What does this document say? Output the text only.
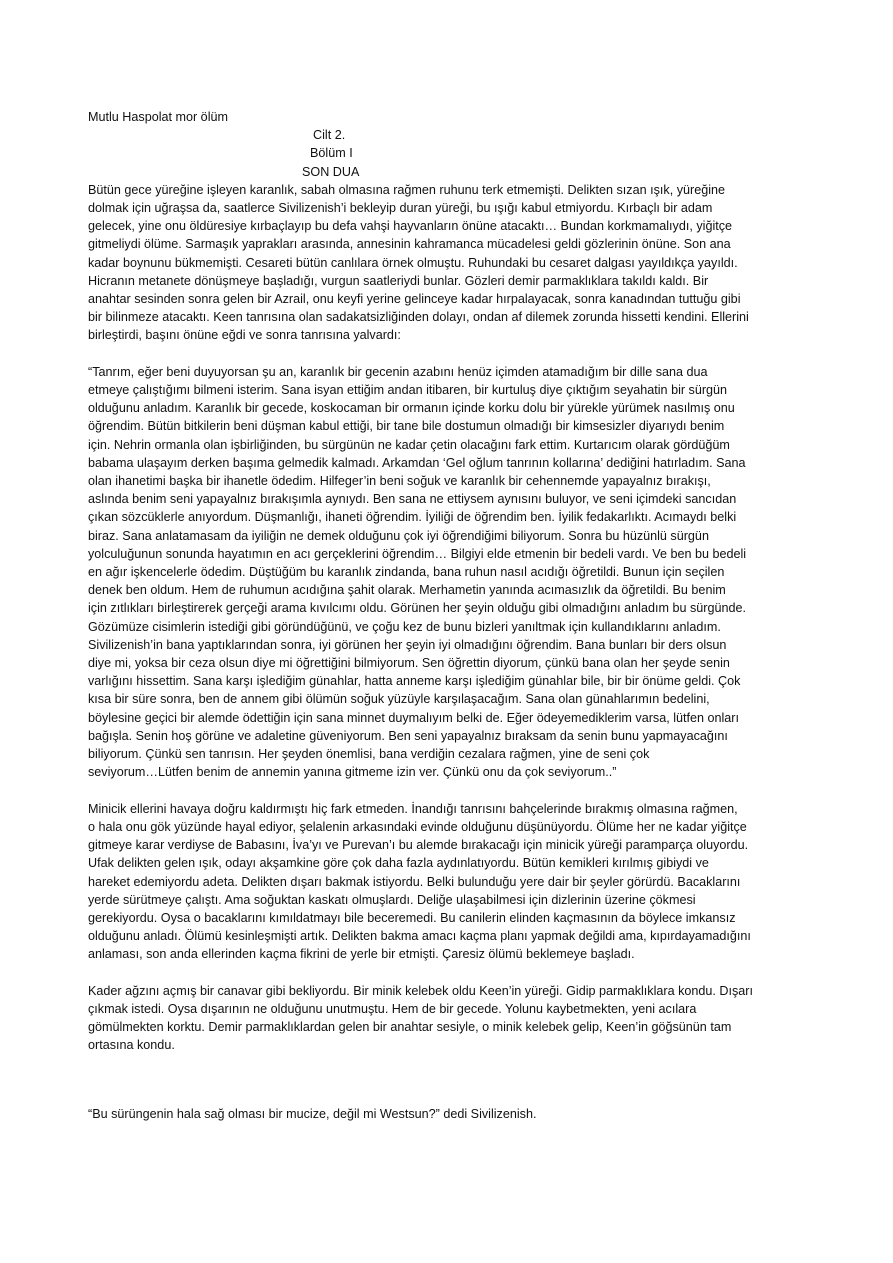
Mutlu Haspolat mor ölüm
Cilt 2.
Bölüm I
SON DUA
Bütün gece yüreğine işleyen karanlık, sabah olmasına rağmen ruhunu terk etmemişti. Delikten sızan ışık, yüreğine
dolmak için uğraşsa da, saatlerce Sivilizenish’i bekleyip duran yüreği, bu ışığı kabul etmiyordu. Kırbaçlı bir adam
gelecek, yine onu öldüresiye kırbaçlayıp bu defa vahşi hayvanların önüne atacaktı… Bundan korkmamalıydı, yiğitçe
gitmeliydi ölüme. Sarmaşık yaprakları arasında, annesinin kahramanca mücadelesi geldi gözlerinin önüne. Son ana
kadar boynunu bükmemişti. Cesareti bütün canlılara örnek olmuştu. Ruhundaki bu cesaret dalgası yayıldıkça yayıldı.
Hicranın metanete dönüşmeye başladığı, vurgun saatleriydi bunlar. Gözleri demir parmaklıklara takıldı kaldı. Bir
anahtar sesinden sonra gelen bir Azrail, onu keyfi yerine gelinceye kadar hırpalayacak, sonra kanadından tuttuğu gibi
bir bilinmeze atacaktı. Keen tanrısına olan sadakatsizliğinden dolayı, ondan af dilemek zorunda hissetti kendini. Ellerini
birleştirdi, başını önüne eğdi ve sonra tanrısına yalvardı:
“Tanrım, eğer beni duyuyorsan şu an, karanlık bir gecenin azabını henüz içimden atamadığım bir dille sana dua
etmeye çalıştığımı bilmeni isterim. Sana isyan ettiğim andan itibaren, bir kurtuluş diye çıktığım seyahatin bir sürgün
olduğunu anladım. Karanlık bir gecede, koskocaman bir ormanın içinde korku dolu bir yürekle yürümek nasılmış onu
öğrendim. Bütün bitkilerin beni düşman kabul ettiği, bir tane bile dostumun olmadığı bir kimsesizler diyarıydı benim
için. Nehrin ormanla olan işbirliğinden, bu sürgünün ne kadar çetin olacağını fark ettim. Kurtarıcım olarak gördüğüm
babama ulaşayım derken başıma gelmedik kalmadı. Arkamdan ‘Gel oğlum tanrının kollarına’ dediğini hatırladım. Sana
olan ihanetimi başka bir ihanetle ödedim. Hilfeger’in beni soğuk ve karanlık bir cehennemde yapayalnız bırakışı,
aslında benim seni yapayalnız bırakışımla aynıydı. Ben sana ne ettiysem aynısını buluyor, ve seni içimdeki sancıdan
çıkan sözcüklerle anıyordum. Düşmanlığı, ihaneti öğrendim. İyiliği de öğrendim ben. İyilik fedakarlıktı. Acımaydı belki
biraz. Sana anlatamasam da iyiliğin ne demek olduğunu çok iyi öğrendiğimi biliyorum. Sonra bu hüzünlü sürgün
yolculuğunun sonunda hayatımın en acı gerçeklerini öğrendim… Bilgiyi elde etmenin bir bedeli vardı. Ve ben bu bedeli
en ağır işkencelerle ödedim. Düştüğüm bu karanlık zindanda, bana ruhun nasıl acıdığı öğretildi. Bunun için seçilen
denek ben oldum. Hem de ruhumun acıdığına şahit olarak. Merhametin yanında acımasızlık da öğretildi. Bu benim
için zıtlıkları birleştirerek gerçeği arama kıvılcımı oldu. Görünen her şeyin olduğu gibi olmadığını anladım bu sürgünde.
Gözümüze cisimlerin istediği gibi göründüğünü, ve çoğu kez de bunu bizleri yanıltmak için kullandıklarını anladım.
Sivilizenish’in bana yaptıklarından sonra, iyi görünen her şeyin iyi olmadığını öğrendim. Bana bunları bir ders olsun
diye mi, yoksa bir ceza olsun diye mi öğrettiğini bilmiyorum. Sen öğrettin diyorum, çünkü bana olan her şeyde senin
varlığını hissettim. Sana karşı işlediğim günahlar, hatta anneme karşı işlediğim günahlar bile, bir bir önüme geldi. Çok
kısa bir süre sonra, ben de annem gibi ölümün soğuk yüzüyle karşılaşacağım. Sana olan günahlarımın bedelini,
böylesine geçici bir alemde ödettiğin için sana minnet duymalıyım belki de. Eğer ödeyemediklerim varsa, lütfen onları
bağışla. Senin hoş görüne ve adaletine güveniyorum. Ben seni yapayalnız bıraksam da senin bunu yapmayacağını
biliyorum. Çünkü sen tanrısın. Her şeyden önemlisi, bana verdiğin cezalara rağmen, yine de seni çok
seviyorum…Lütfen benim de annemin yanına gitmeme izin ver. Çünkü onu da çok seviyorum..”
Minicik ellerini havaya doğru kaldırmıştı hiç fark etmeden. İnandığı tanrısını bahçelerinde bırakmış olmasına rağmen,
o hala onu gök yüzünde hayal ediyor, şelalenin arkasındaki evinde olduğunu düşünüyordu. Ölüme her ne kadar yiğitçe
gitmeye karar verdiyse de Babasını, İva’yı ve Purevan’ı bu alemde bırakacağı için minicik yüreği paramparça oluyordu.
Ufak delikten gelen ışık, odayı akşamkine göre çok daha fazla aydınlatıyordu. Bütün kemikleri kırılmış gibiydi ve
hareket edemiyordu adeta. Delikten dışarı bakmak istiyordu. Belki bulunduğu yere dair bir şeyler görürdü. Bacaklarını
yerde sürütmeye çalıştı. Ama soğuktan kaskatı olmuşlardı. Deliğe ulaşabilmesi için dizlerinin üzerine çökmesi
gerekiyordu. Oysa o bacaklarını kımıldatmayı bile beceremedi. Bu canilerin elinden kaçmasının da böylece imkansız
olduğunu anladı. Ölümü kesinleşmişti artık. Delikten bakma amacı kaçma planı yapmak değildi ama, kıpırdayamadığını
anlaması, son anda ellerinden kaçma fikrini de yerle bir etmişti. Çaresiz ölümü beklemeye başladı.
Kader ağzını açmış bir canavar gibi bekliyordu. Bir minik kelebek oldu Keen’in yüreği. Gidip parmaklıklara kondu. Dışarı
çıkmak istedi. Oysa dışarının ne olduğunu unutmuştu. Hem de bir gecede. Yolunu kaybetmekten, yeni acılara
gömülmekten korktu. Demir parmaklıklardan gelen bir anahtar sesiyle, o minik kelebek gelip, Keen’in göğsünün tam
ortasına kondu.
“Bu sürüngenin hala sağ olması bir mucize, değil mi Westsun?” dedi Sivilizenish.
